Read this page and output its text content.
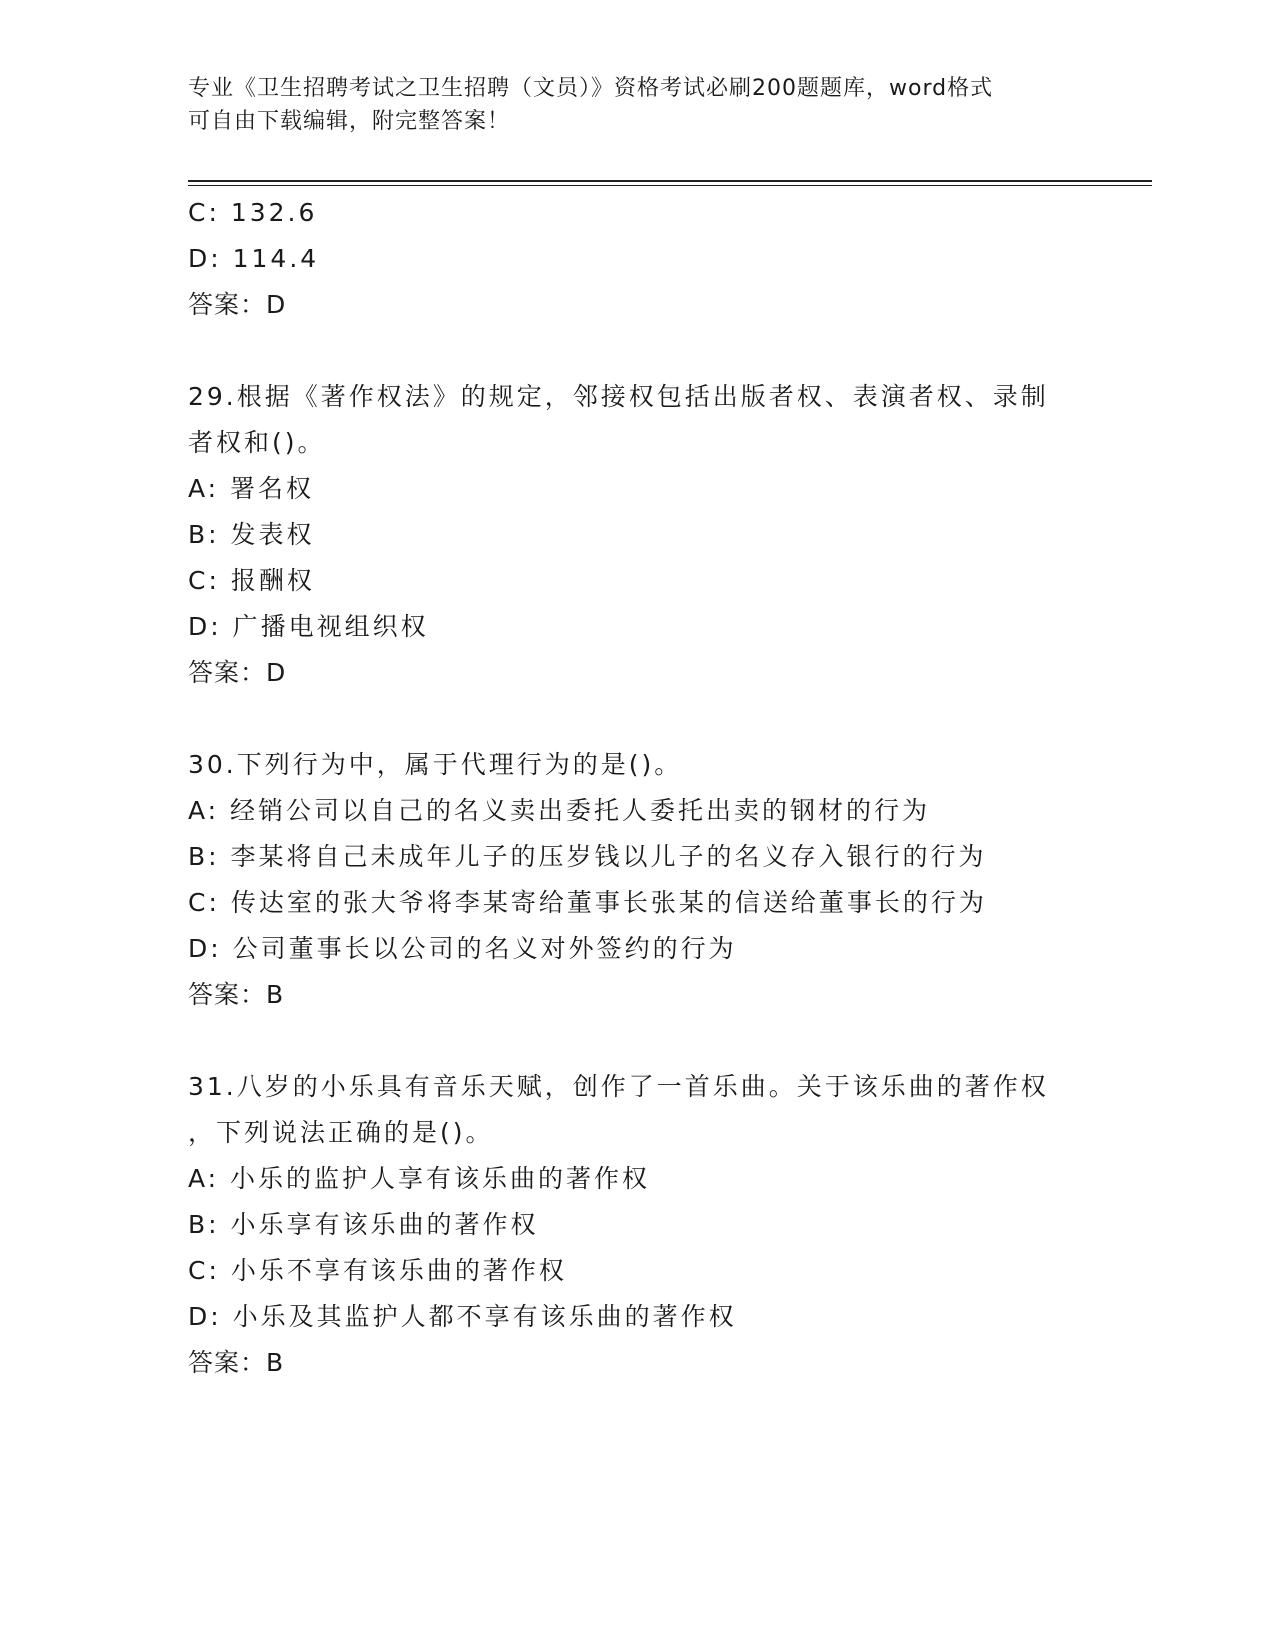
专业《卫生招聘考试之卫生招聘（文员）》资格考试必刷200题题库，word格式
可自由下载编辑，附完整答案！
C: 132.6
D: 114.4
答案：D
29.根据《著作权法》的规定，邻接权包括出版者权、表演者权、录制
者权和()。
A: 署名权
B: 发表权
C: 报酬权
D: 广播电视组织权
答案：D
30.下列行为中，属于代理行为的是()。
A: 经销公司以自己的名义卖出委托人委托出卖的钢材的行为
B: 李某将自己未成年儿子的压岁钱以儿子的名义存入银行的行为
C: 传达室的张大爷将李某寄给董事长张某的信送给董事长的行为
D: 公司董事长以公司的名义对外签约的行为
答案：B
31.八岁的小乐具有音乐天赋，创作了一首乐曲。关于该乐曲的著作权
，下列说法正确的是()。
A: 小乐的监护人享有该乐曲的著作权
B: 小乐享有该乐曲的著作权
C: 小乐不享有该乐曲的著作权
D: 小乐及其监护人都不享有该乐曲的著作权
答案：B
